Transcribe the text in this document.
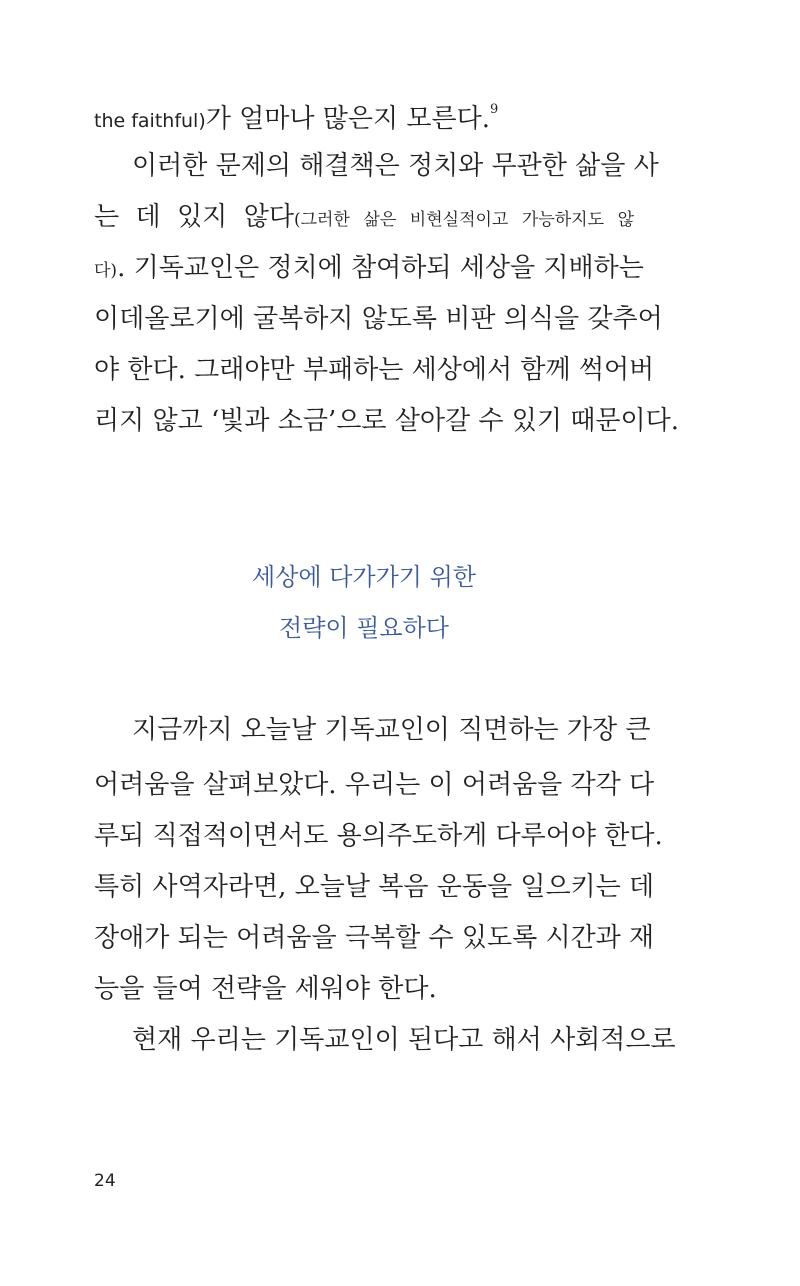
the faithful)가 얼마나 많은지 모른다.$^9$
이러한 문제의 해결책은 정치와 무관한 삶을 사
는 데 있지 않다(그러한 삶은 비현실적이고 가능하지도 않
다). 기독교인은 정치에 참여하되 세상을 지배하는
이데올로기에 굴복하지 않도록 비판 의식을 갖추어
야 한다. 그래야만 부패하는 세상에서 함께 썩어버
리지 않고 ‘빛과 소금’으로 살아갈 수 있기 때문이다.
세상에 다가가기 위한
전략이 필요하다
지금까지 오늘날 기독교인이 직면하는 가장 큰
어려움을 살펴보았다. 우리는 이 어려움을 각각 다
루되 직접적이면서도 용의주도하게 다루어야 한다.
특히 사역자라면, 오늘날 복음 운동을 일으키는 데
장애가 되는 어려움을 극복할 수 있도록 시간과 재
능을 들여 전략을 세워야 한다.
현재 우리는 기독교인이 된다고 해서 사회적으로
24
